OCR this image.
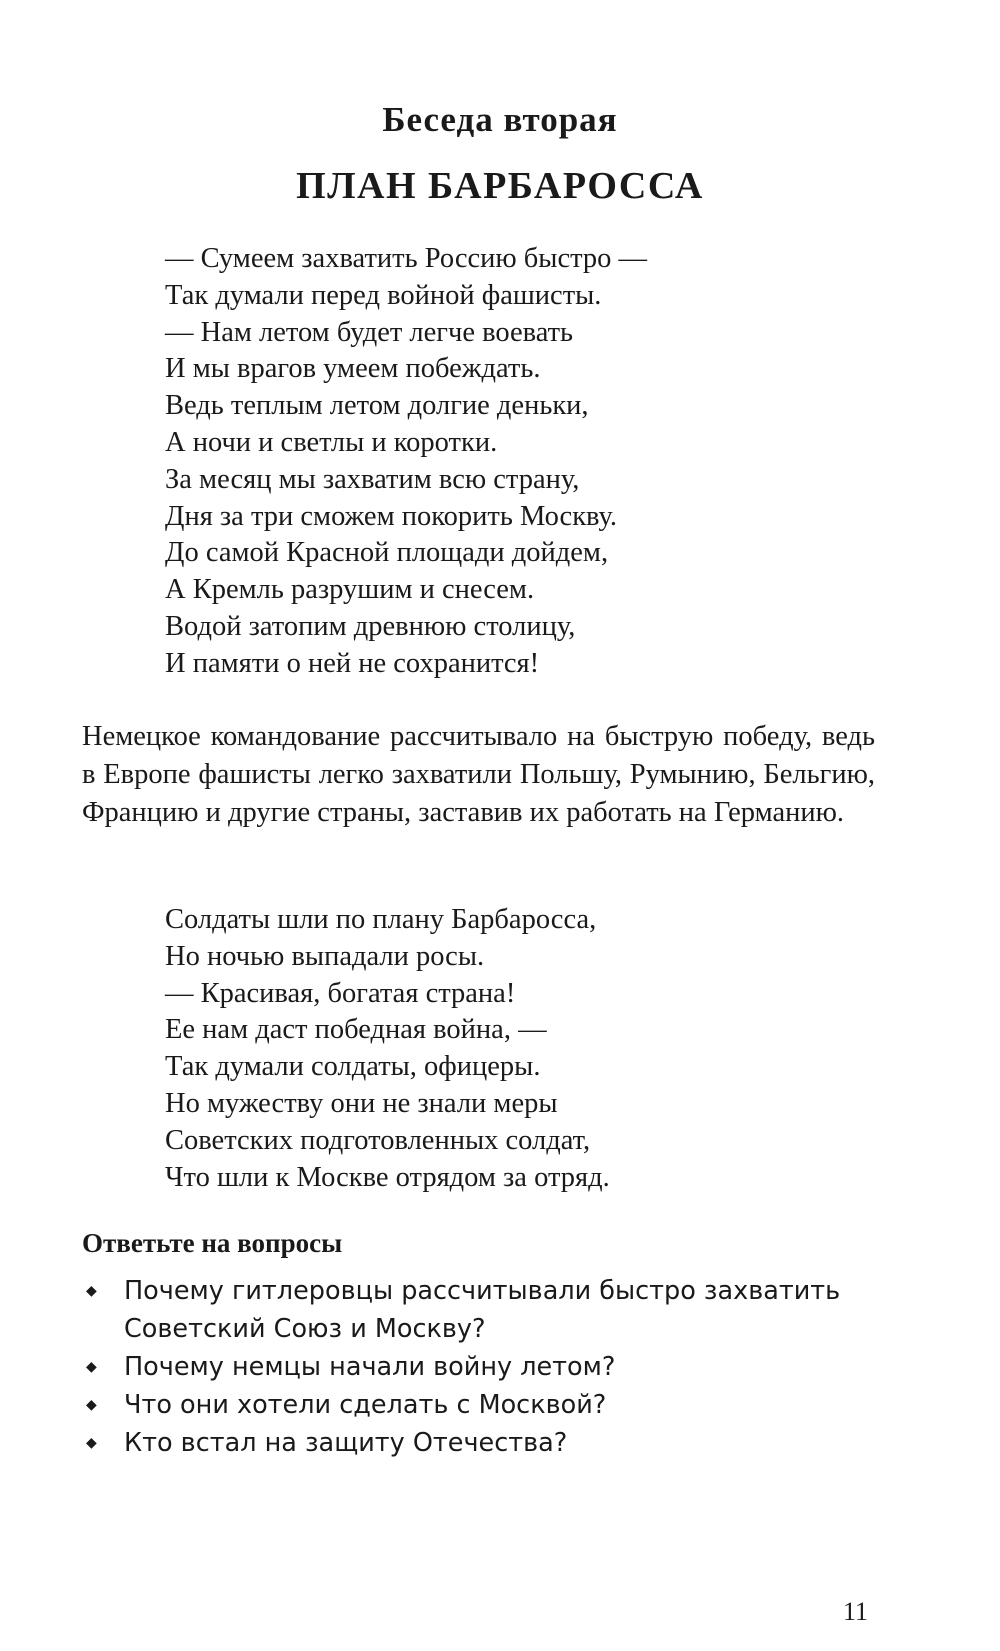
Беседа вторая
ПЛАН БАРБАРОССА
— Сумеем захватить Россию быстро —
Так думали перед войной фашисты.
— Нам летом будет легче воевать
И мы врагов умеем побеждать.
Ведь теплым летом долгие деньки,
А ночи и светлы и коротки.
За месяц мы захватим всю страну,
Дня за три сможем покорить Москву.
До самой Красной площади дойдем,
А Кремль разрушим и снесем.
Водой затопим древнюю столицу,
И памяти о ней не сохранится!
Немецкое командование рассчитывало на быструю победу, ведь в Европе фашисты легко захватили Польшу, Румынию, Бельгию, Францию и другие страны, заставив их работать на Германию.
Солдаты шли по плану Барбаросса,
Но ночью выпадали росы.
— Красивая, богатая страна!
Ее нам даст победная война, —
Так думали солдаты, офицеры.
Но мужеству они не знали меры
Советских подготовленных солдат,
Что шли к Москве отрядом за отряд.
Ответьте на вопросы
◆ Почему гитлеровцы рассчитывали быстро захватить Советский Союз и Москву?
◆ Почему немцы начали войну летом?
◆ Что они хотели сделать с Москвой?
◆ Кто встал на защиту Отечества?
11
